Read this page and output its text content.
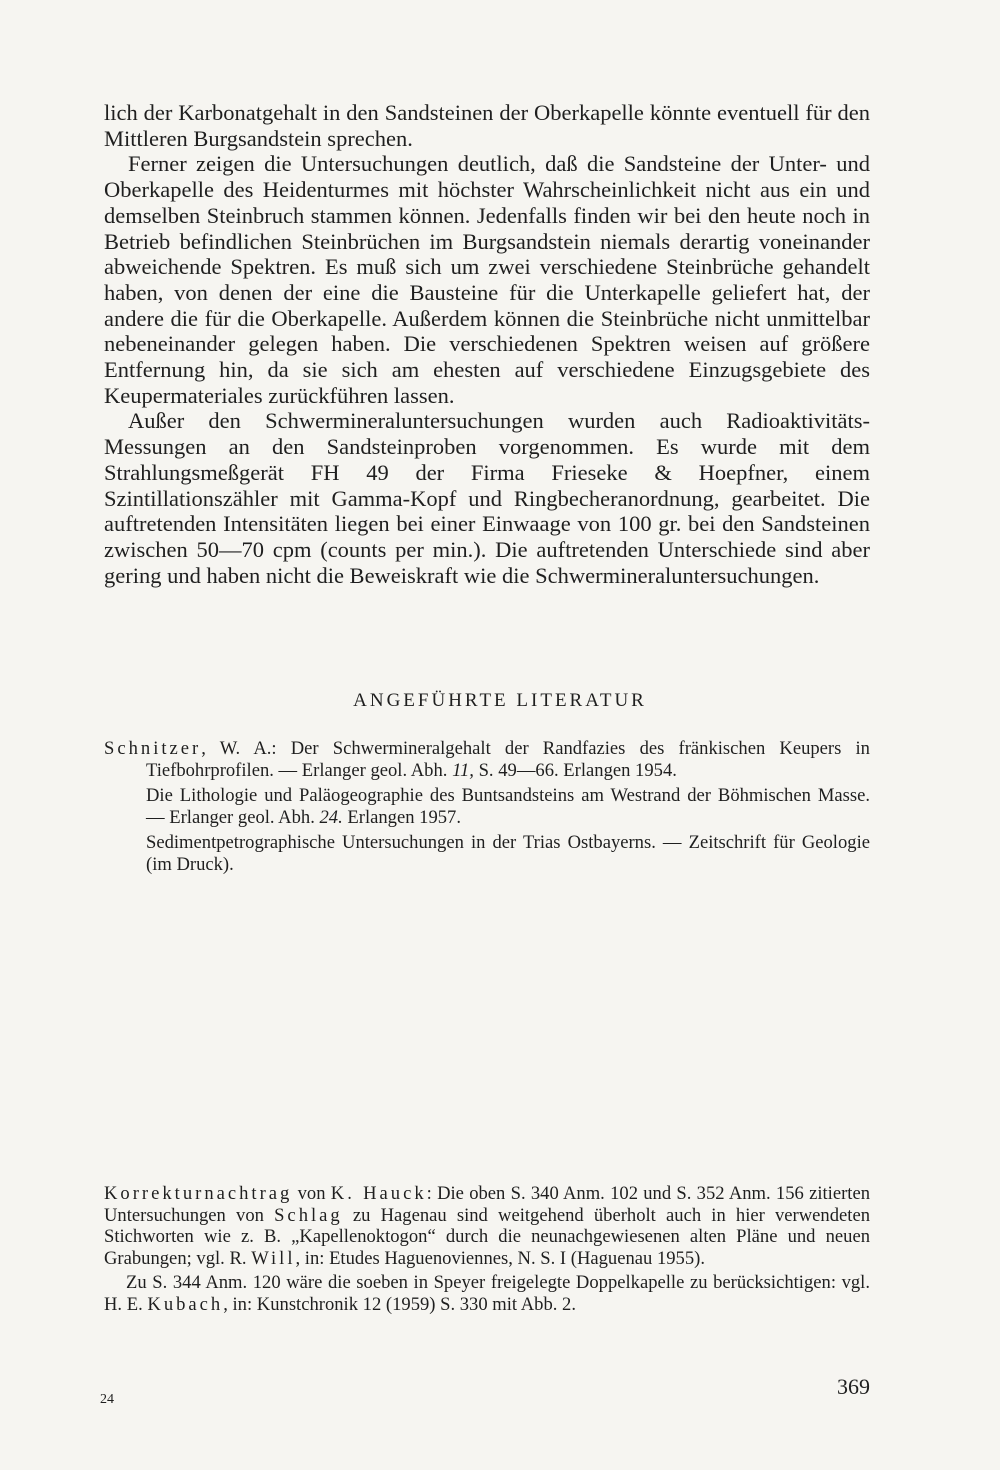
lich der Karbonatgehalt in den Sandsteinen der Oberkapelle könnte eventuell für den Mittleren Burgsandstein sprechen.

Ferner zeigen die Untersuchungen deutlich, daß die Sandsteine der Unter- und Oberkapelle des Heidenturmes mit höchster Wahrscheinlichkeit nicht aus ein und demselben Steinbruch stammen können. Jedenfalls finden wir bei den heute noch in Betrieb befindlichen Steinbrüchen im Burgsandstein niemals derartig voneinander abweichende Spektren. Es muß sich um zwei verschiedene Steinbrüche gehandelt haben, von denen der eine die Bausteine für die Unterkapelle geliefert hat, der andere die für die Oberkapelle. Außerdem können die Steinbrüche nicht unmittelbar nebeneinander gelegen haben. Die verschiedenen Spektren weisen auf größere Entfernung hin, da sie sich am ehesten auf verschiedene Einzugsgebiete des Keupermateriales zurückführen lassen.

Außer den Schwermineraluntersuchungen wurden auch Radioaktivitäts-Messungen an den Sandsteinproben vorgenommen. Es wurde mit dem Strahlungsmeßgerät FH 49 der Firma Frieseke & Hoepfner, einem Szintillationszähler mit Gamma-Kopf und Ringbecheranordnung, gearbeitet. Die auftretenden Intensitäten liegen bei einer Einwaage von 100 gr. bei den Sandsteinen zwischen 50—70 cpm (counts per min.). Die auftretenden Unterschiede sind aber gering und haben nicht die Beweiskraft wie die Schwermineraluntersuchungen.

ANGEFÜHRTE LITERATUR

Schnitzer, W. A.: Der Schwermineralgehalt der Randfazies des fränkischen Keupers in Tiefbohrprofilen. — Erlanger geol. Abh. 11, S. 49—66. Erlangen 1954.

Die Lithologie und Paläogeographie des Buntsandsteins am Westrand der Böhmischen Masse. — Erlanger geol. Abh. 24. Erlangen 1957.

Sedimentpetrographische Untersuchungen in der Trias Ostbayerns. — Zeitschrift für Geologie (im Druck).

Korrekturnachtrag von K. Hauck: Die oben S. 340 Anm. 102 und S. 352 Anm. 156 zitierten Untersuchungen von Schlag zu Hagenau sind weitgehend überholt auch in hier verwendeten Stichworten wie z. B. „Kapellenoktogon“ durch die neunachgewiesenen alten Pläne und neuen Grabungen; vgl. R. Will, in: Etudes Haguenoviennes, N. S. I (Haguenau 1955).

Zu S. 344 Anm. 120 wäre die soeben in Speyer freigelegte Doppelkapelle zu berücksichtigen: vgl. H. E. Kubach, in: Kunstchronik 12 (1959) S. 330 mit Abb. 2.

24
369
